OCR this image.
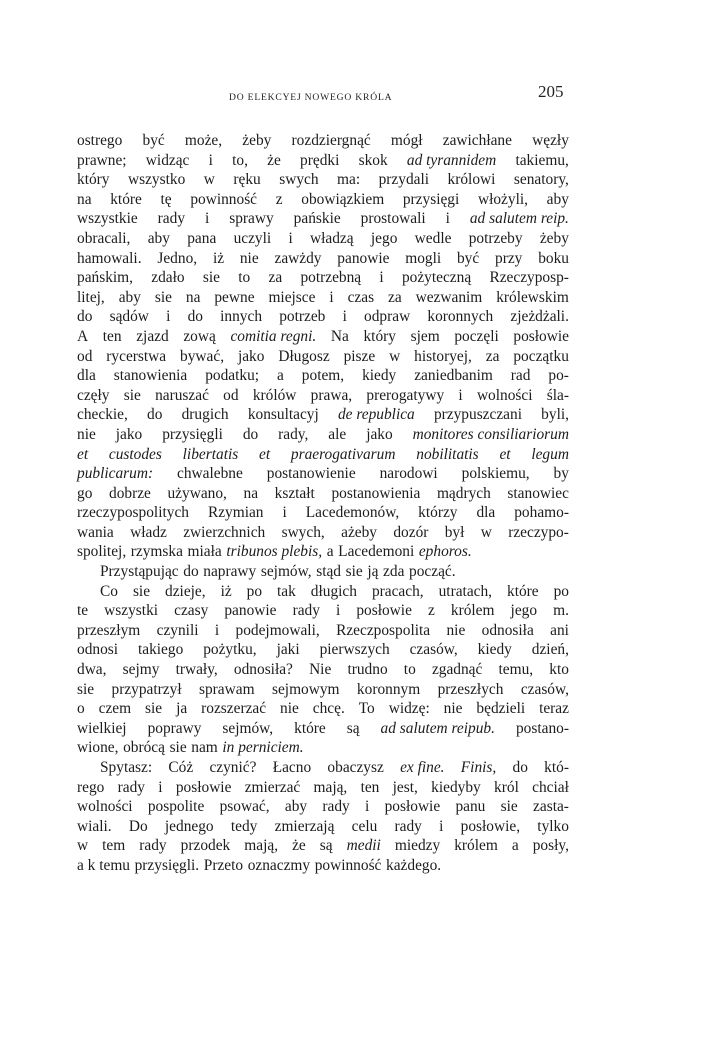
DO ELEKCYEJ NOWEGO KRÓLA	205
ostrego być może, żeby rozdziergnąć mógł zawichłane węzły
prawne; widząc i to, że prędki skok ad tyrannidem takiemu,
który wszystko w ręku swych ma: przydali królowi senatory,
na które tę powinność z obowiązkiem przysięgi włożyli, aby
wszystkie rady i sprawy pańskie prostowali i ad salutem reip.
obracali, aby pana uczyli i władzą jego wedle potrzeby żeby
hamowali. Jedno, iż nie zawżdy panowie mogli być przy boku
pańskim, zdało sie to za potrzebną i pożyteczną Rzeczyposp-
litej, aby sie na pewne miejsce i czas za wezwanim królewskim
do sądów i do innych potrzeb i odpraw koronnych zjeżdżali.
A ten zjazd zową comitia regni. Na który sjem poczęli posłowie
od rycerstwa bywać, jako Długosz pisze w historyej, za początku
dla stanowienia podatku; a potem, kiedy zaniedbanim rad po-
częły sie naruszać od królów prawa, prerogatywy i wolności śla-
checkie, do drugich konsultacyj de republica przypuszczani byli,
nie jako przysięgli do rady, ale jako monitores consiliariorum
et custodes libertatis et praerogativarum nobilitatis et legum
publicarum: chwalebne postanowienie narodowi polskiemu, by
go dobrze używano, na kształt postanowienia mądrych stanowiec
rzeczypospolitych Rzymian i Lacedemonów, którzy dla pohamo-
wania władz zwierzchnich swych, ażeby dozór był w rzeczypo-
spolitej, rzymska miała tribunos plebis, a Lacedemoni ephoros.
Przystąpując do naprawy sejmów, stąd sie ją zda począć.
Co sie dzieje, iż po tak długich pracach, utratach, które po
te wszystki czasy panowie rady i posłowie z królem jego m.
przeszłym czynili i podejmowali, Rzeczpospolita nie odnosiła ani
odnosi takiego pożytku, jaki pierwszych czasów, kiedy dzień,
dwa, sejmy trwały, odnosiła? Nie trudno to zgadnąć temu, kto
sie przypatrzył sprawam sejmowym koronnym przeszłych czasów,
o czem sie ja rozszerzać nie chcę. To widzę: nie będzieli teraz
wielkiej poprawy sejmów, które są ad salutem reipub. postano-
wione, obrócą sie nam in perniciem.
Spytasz: Cóż czynić? Łacno obaczysz ex fine. Finis, do któ-
rego rady i posłowie zmierzać mają, ten jest, kiedyby król chciał
wolności pospolite psować, aby rady i posłowie panu sie zasta-
wiali. Do jednego tedy zmierzają celu rady i posłowie, tylko
w tem rady przodek mają, że są medii miedzy królem a posły,
a k temu przysięgli. Przeto oznaczmy powinność każdego.
